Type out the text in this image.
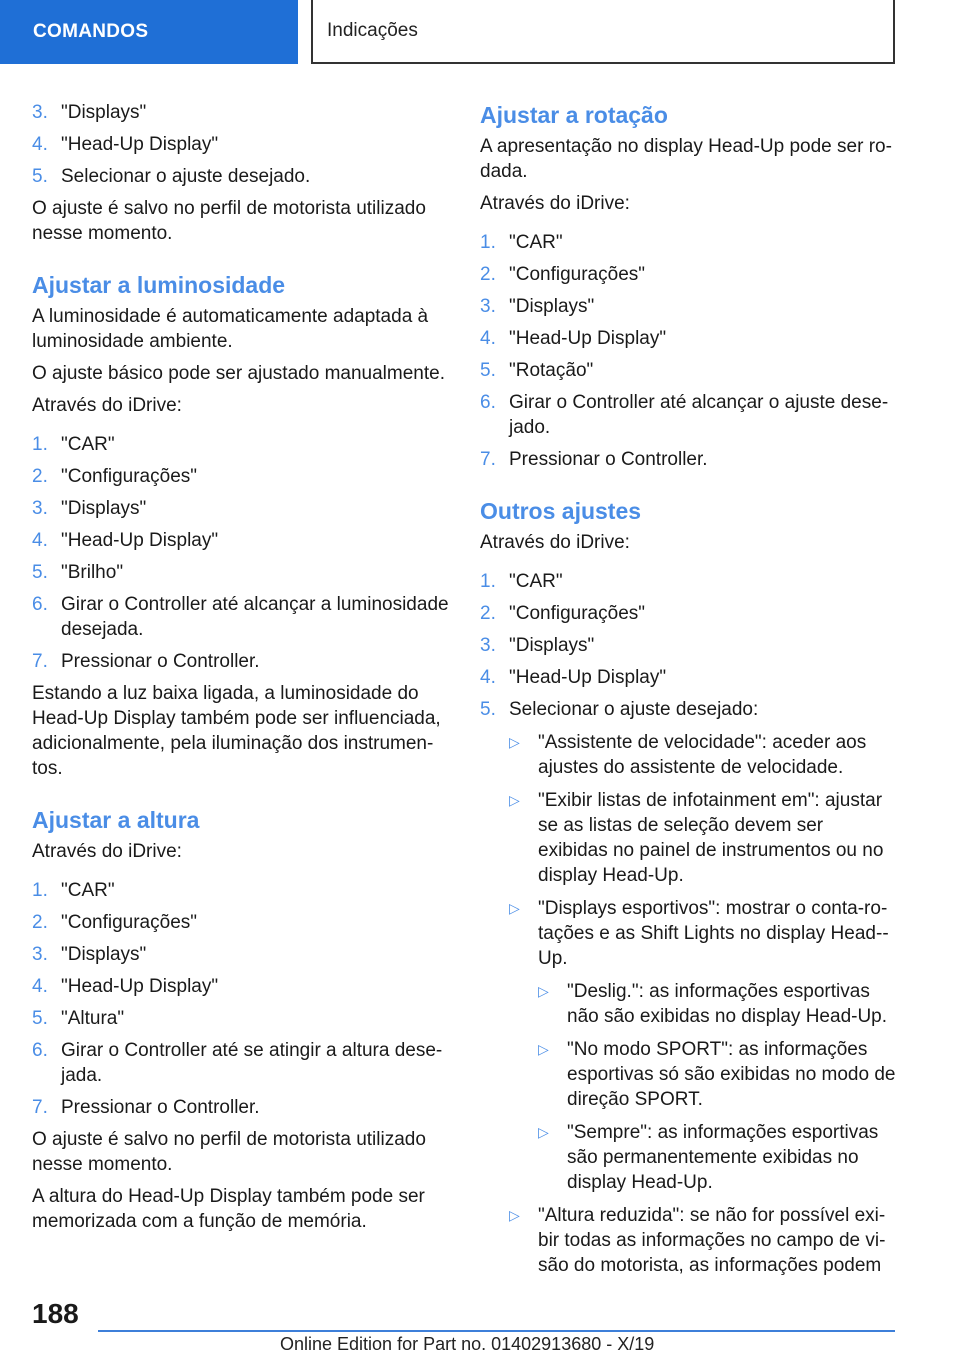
COMANDOS	Indicações
3. "Displays"
4. "Head-Up Display"
5. Selecionar o ajuste desejado.

O ajuste é salvo no perfil de motorista utilizado nesse momento.

Ajustar a luminosidade

A luminosidade é automaticamente adaptada à luminosidade ambiente.

O ajuste básico pode ser ajustado manualmente.

Através do iDrive:

1. "CAR"
2. "Configurações"
3. "Displays"
4. "Head-Up Display"
5. "Brilho"
6. Girar o Controller até alcançar a luminosidade desejada.
7. Pressionar o Controller.

Estando a luz baixa ligada, a luminosidade do Head-Up Display também pode ser influenciada, adicionalmente, pela iluminação dos instrumentos.

Ajustar a altura

Através do iDrive:

1. "CAR"
2. "Configurações"
3. "Displays"
4. "Head-Up Display"
5. "Altura"
6. Girar o Controller até se atingir a altura desejada.
7. Pressionar o Controller.

O ajuste é salvo no perfil de motorista utilizado nesse momento.

A altura do Head-Up Display também pode ser memorizada com a função de memória.

Ajustar a rotação

A apresentação no display Head-Up pode ser rodada.

Através do iDrive:

1. "CAR"
2. "Configurações"
3. "Displays"
4. "Head-Up Display"
5. "Rotação"
6. Girar o Controller até alcançar o ajuste desejado.
7. Pressionar o Controller.
Outros ajustes

Através do iDrive:

1. "CAR"
2. "Configurações"
3. "Displays"
4. "Head-Up Display"
5. Selecionar o ajuste desejado:
▷ "Assistente de velocidade": aceder aos ajustes do assistente de velocidade.
▷ "Exibir listas de infotainment em": ajustar se as listas de seleção devem ser exibidas no painel de instrumentos ou no display Head-Up.
▷ "Displays esportivos": mostrar o conta-rotações e as Shift Lights no display Head-Up.
▷ "Deslig.": as informações esportivas não são exibidas no display Head-Up.
▷ "No modo SPORT": as informações esportivas só são exibidas no modo de direção SPORT.
▷ "Sempre": as informações esportivas são permanentemente exibidas no display Head-Up.
▷ "Altura reduzida": se não for possível exibir todas as informações no campo de visão do motorista, as informações podem
188
Online Edition for Part no. 01402913680 - X/19
